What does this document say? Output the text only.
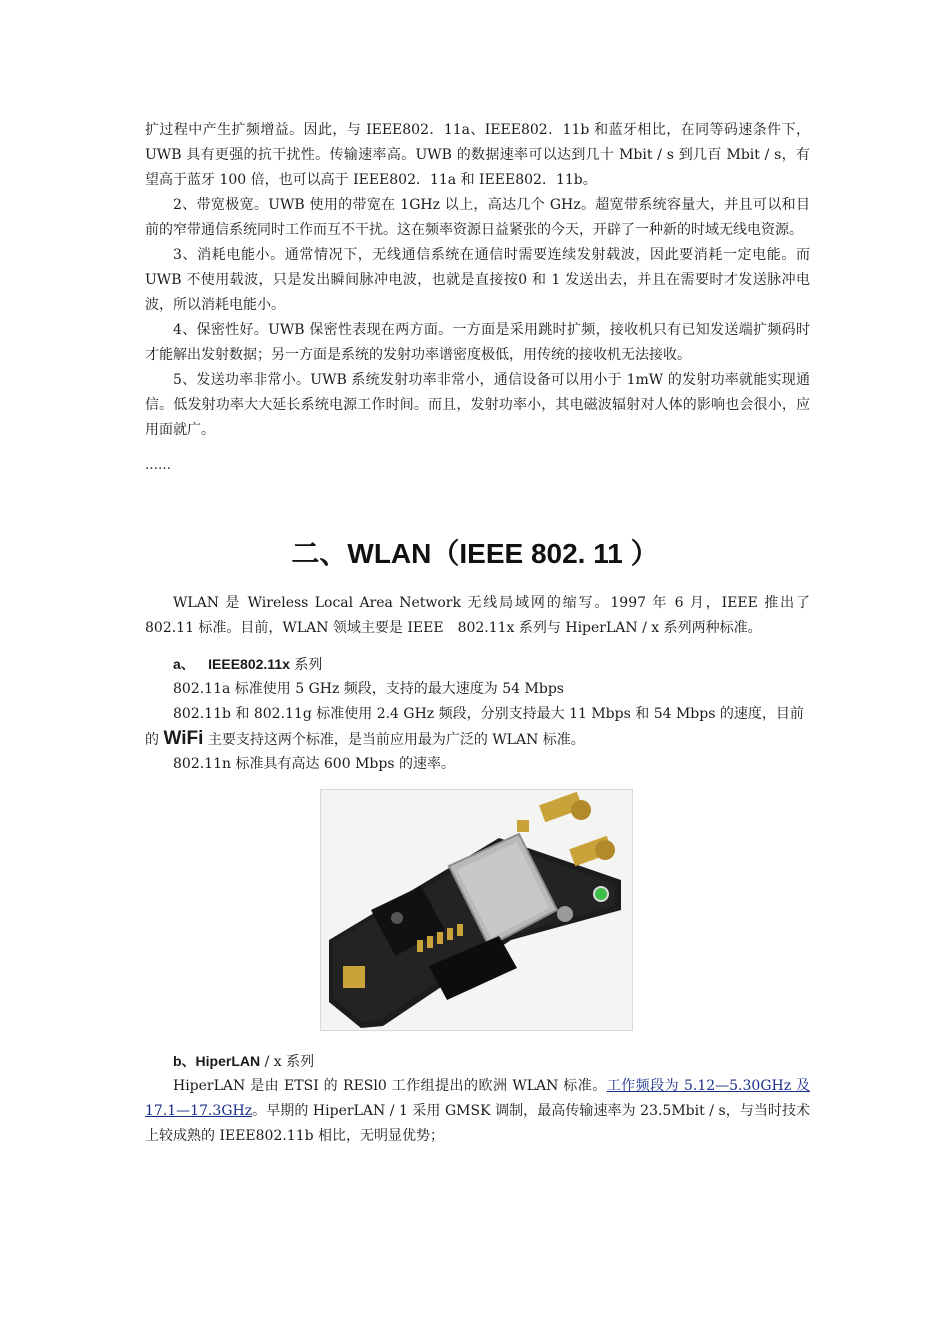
扩过程中产生扩频增益。因此，与 IEEE802．11a、IEEE802．11b 和蓝牙相比，在同等码速条件下，UWB 具有更强的抗干扰性。传输速率高。UWB 的数据速率可以达到几十 Mbit / s 到几百 Mbit / s，有望高于蓝牙 100 倍，也可以高于 IEEE802．11a 和 IEEE802．11b。

2、带宽极宽。UWB 使用的带宽在 1GHz 以上，高达几个 GHz。超宽带系统容量大，并且可以和目前的窄带通信系统同时工作而互不干扰。这在频率资源日益紧张的今天，开辟了一种新的时域无线电资源。

3、消耗电能小。通常情况下，无线通信系统在通信时需要连续发射载波，因此要消耗一定电能。而 UWB 不使用载波，只是发出瞬间脉冲电波，也就是直接按0 和 1 发送出去，并且在需要时才发送脉冲电波，所以消耗电能小。

4、保密性好。UWB 保密性表现在两方面。一方面是采用跳时扩频，接收机只有已知发送端扩频码时才能解出发射数据；另一方面是系统的发射功率谱密度极低，用传统的接收机无法接收。

5、发送功率非常小。UWB 系统发射功率非常小，通信设备可以用小于 1mW 的发射功率就能实现通信。低发射功率大大延长系统电源工作时间。而且，发射功率小，其电磁波辐射对人体的影响也会很小，应用面就广。

……
二、WLAN（IEEE 802. 11 ）

WLAN 是 Wireless Local Area Network 无线局域网的缩写。1997 年 6 月，IEEE 推出了 802.11 标准。目前，WLAN 领域主要是 IEEE　802.11x 系列与 HiperLAN / x 系列两种标准。

a、 IEEE802.11x 系列
802.11a 标准使用 5 GHz 频段，支持的最大速度为 54 Mbps
802.11b 和 802.11g 标准使用 2.4 GHz 频段，分别支持最大 11 Mbps 和 54 Mbps 的速度，目前
的 WiFi 主要支持这两个标准，是当前应用最为广泛的 WLAN 标准。
802.11n 标准具有高达 600 Mbps 的速率。
b、HiperLAN / x 系列

HiperLAN 是由 ETSI 的 RESl0 工作组提出的欧洲 WLAN 标准。工作频段为 5.12—5.30GHz 及 17.1—17.3GHz。早期的 HiperLAN / 1 采用 GMSK 调制，最高传输速率为 23.5Mbit / s，与当时技术上较成熟的 IEEE802.11b 相比，无明显优势；
